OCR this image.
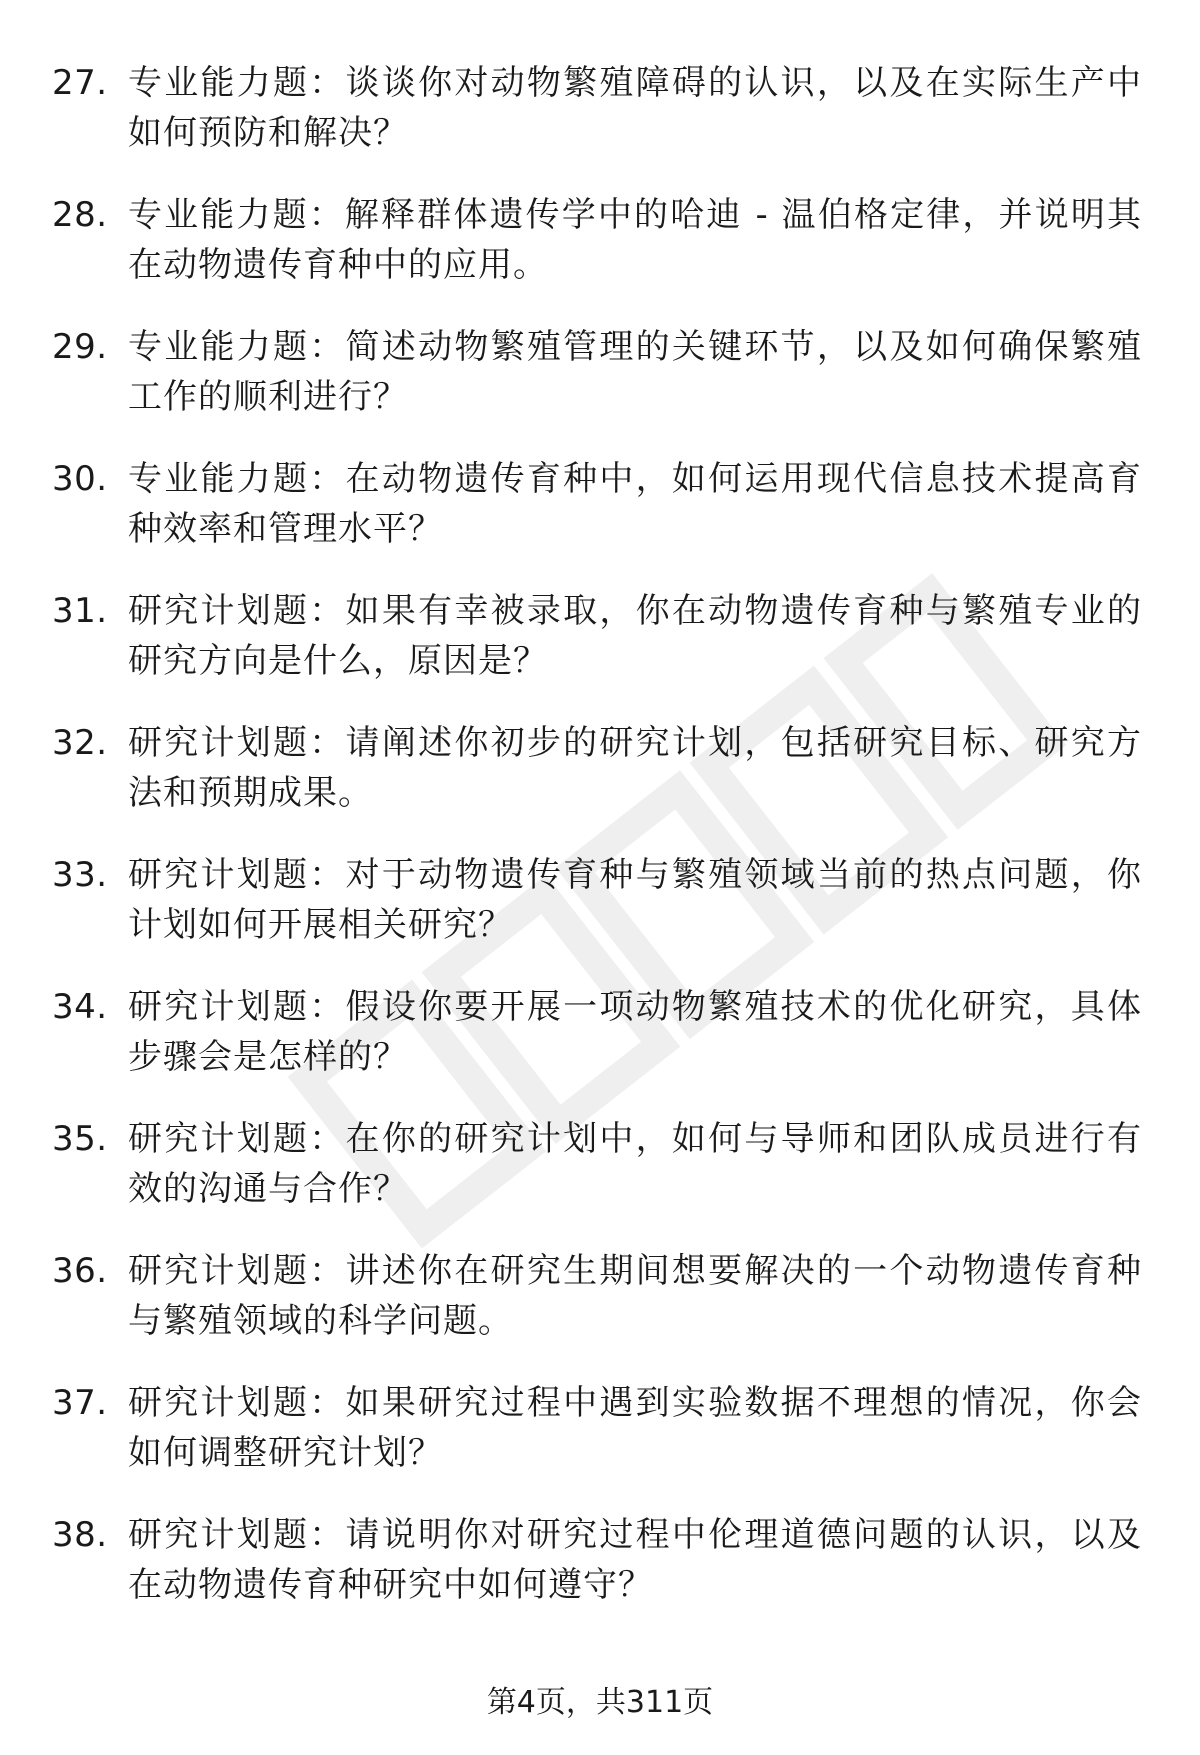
27. 专业能力题：谈谈你对动物繁殖障碍的认识，以及在实际生产中如何预防和解决？
28. 专业能力题：解释群体遗传学中的哈迪 - 温伯格定律，并说明其在动物遗传育种中的应用。
29. 专业能力题：简述动物繁殖管理的关键环节，以及如何确保繁殖工作的顺利进行？
30. 专业能力题：在动物遗传育种中，如何运用现代信息技术提高育种效率和管理水平？
31. 研究计划题：如果有幸被录取，你在动物遗传育种与繁殖专业的研究方向是什么，原因是？
32. 研究计划题：请阐述你初步的研究计划，包括研究目标、研究方法和预期成果。
33. 研究计划题：对于动物遗传育种与繁殖领域当前的热点问题，你计划如何开展相关研究？
34. 研究计划题：假设你要开展一项动物繁殖技术的优化研究，具体步骤会是怎样的？
35. 研究计划题：在你的研究计划中，如何与导师和团队成员进行有效的沟通与合作？
36. 研究计划题：讲述你在研究生期间想要解决的一个动物遗传育种与繁殖领域的科学问题。
37. 研究计划题：如果研究过程中遇到实验数据不理想的情况，你会如何调整研究计划？
38. 研究计划题：请说明你对研究过程中伦理道德问题的认识，以及在动物遗传育种研究中如何遵守？
第4页，共311页
